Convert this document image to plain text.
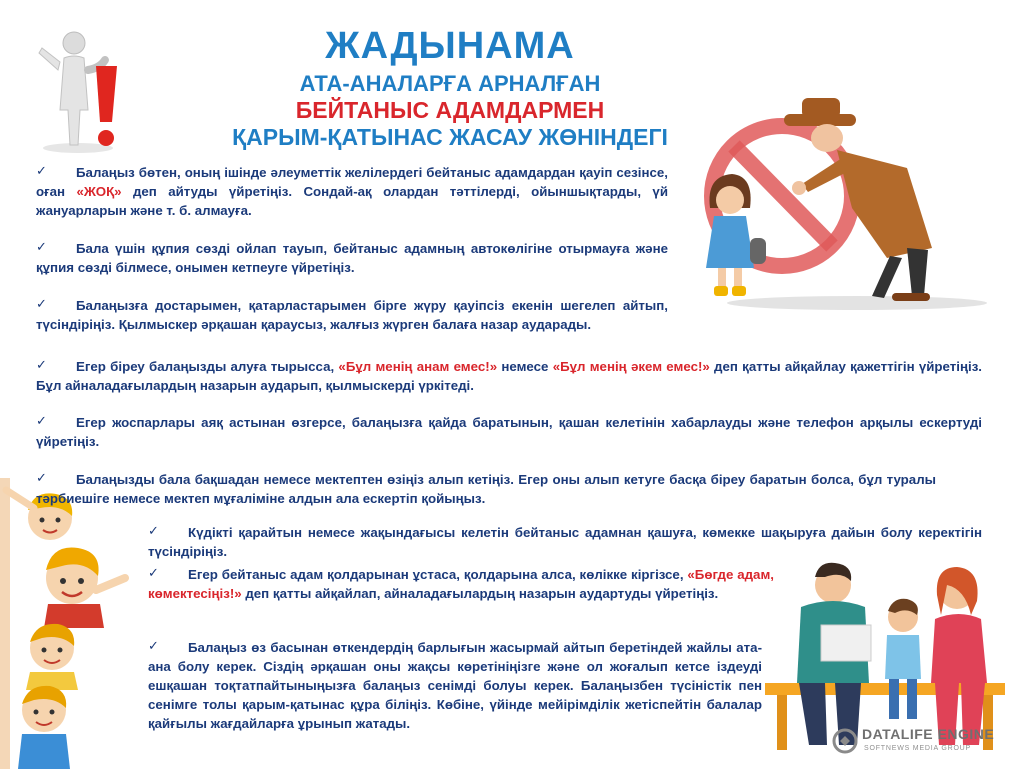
ЖАДЫНАМА
АТА-АНАЛАРҒА АРНАЛҒАН
БЕЙТАНЫС АДАМДАРМЕН
ҚАРЫМ-ҚАТЫНАС ЖАСАУ ЖӨНІНДЕГІ
✓	Балаңыз бөтен, оның ішінде әлеуметтік желілердегі бейтаныс адамдардан қауіп сезінсе, оған «ЖОҚ» деп айтуды үйретіңіз. Сондай-ақ олардан тәттілерді, ойыншықтарды, үй жануарларын және т. б. алмауға.
✓	Бала үшін құпия сөзді ойлап тауып, бейтаныс адамның автокөлігіне отырмауға және құпия сөзді білмесе, онымен кетпеуге үйретіңіз.
✓	Балаңызға достарымен, қатарластарымен бірге жүру қауіпсіз екенін шегелеп айтып, түсіндіріңіз. Қылмыскер әрқашан қараусыз, жалғыз жүрген балаға назар аударады.
✓	Егер біреу балаңызды алуға тырысса, «Бұл менің анам емес!» немесе «Бұл менің әкем емес!» деп қатты айқайлау қажеттігін үйретіңіз. Бұл айналадағылардың назарын аударып, қылмыскерді үркітеді.
✓	Егер жоспарлары аяқ астынан өзгерсе, балаңызға қайда баратынын, қашан келетінін хабарлауды және телефон арқылы ескертуді үйретіңіз.
✓	Балаңызды бала бақшадан немесе мектептен өзіңіз алып кетіңіз. Егер оны алып кетуге басқа біреу баратын болса, бұл туралы тәрбиешіге немесе мектеп мұғаліміне алдын ала ескертіп қойыңыз.
✓	Күдікті қарайтын немесе жақындағысы келетін бейтаныс адамнан қашуға, көмекке шақыруға дайын болу керектігін түсіндіріңіз.
✓	Егер бейтаныс адам қолдарынан ұстаса, қолдарына алса, көлікке кіргізсе, «Бөгде адам, көмектесіңіз!» деп қатты айқайлап, айналадағылардың назарын аудартуды үйретіңіз.
✓	Балаңыз өз басынан өткендердің барлығын жасырмай айтып беретіндей жайлы ата-ана болу керек. Сіздің әрқашан оны жақсы көретініңізге және ол жоғалып кетсе іздеуді ешқашан тоқтатпайтыныңызға балаңыз сенімді болуы керек. Балаңызбен түсіністік пен сенімге толы қарым-қатынас құра біліңіз. Көбіне, үйінде мейірімділік жетіспейтін балалар қайғылы жағдайларға ұрынып жатады.
DATALIFE ENGINE
SOFTNEWS MEDIA GROUP
